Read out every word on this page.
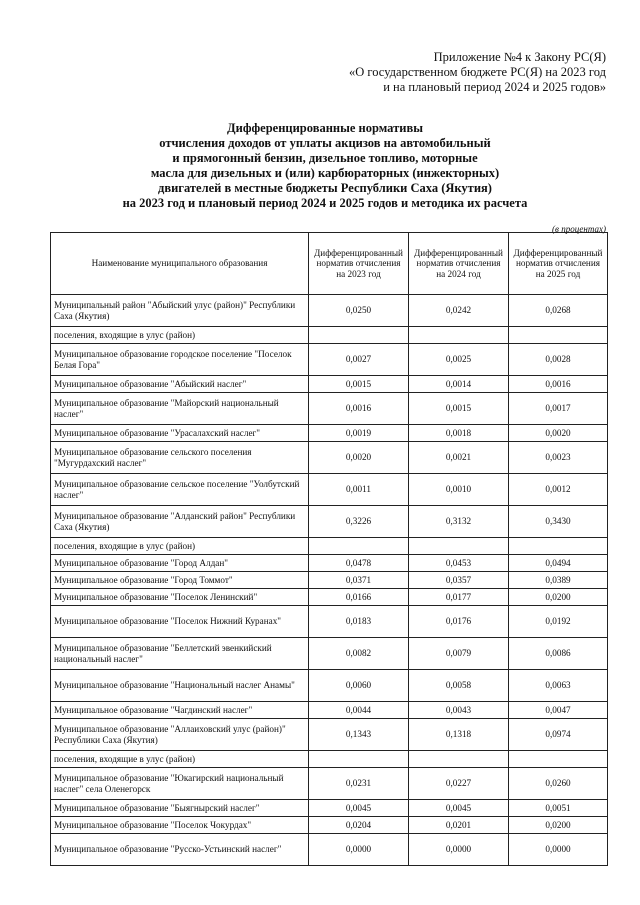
Приложение №4 к Закону РС(Я)
«О государственном бюджете РС(Я) на 2023 год
и на плановый период 2024 и 2025 годов»
Дифференцированные нормативы
отчисления доходов от уплаты акцизов на автомобильный
и прямогонный бензин, дизельное топливо, моторные
масла для дизельных и (или) карбюраторных (инжекторных)
двигателей в местные бюджеты Республики Саха (Якутия)
на 2023 год и плановый период 2024 и 2025 годов и методика их расчета
(в процентах)
Наименование муниципального образования	Дифференцированный норматив отчисления на 2023 год	Дифференцированный норматив отчисления на 2024 год	Дифференцированный норматив отчисления на 2025 год
Муниципальный район "Абыйский улус (район)" Республики Саха (Якутия)	0,0250	0,0242	0,0268
поселения, входящие в улус (район)			
Муниципальное образование городское поселение "Поселок Белая Гора"	0,0027	0,0025	0,0028
Муниципальное образование "Абыйский наслег"	0,0015	0,0014	0,0016
Муниципальное образование "Майорский национальный наслег"	0,0016	0,0015	0,0017
Муниципальное образование "Урасалахский наслег"	0,0019	0,0018	0,0020
Муниципальное образование сельского поселения "Мугурдахский наслег"	0,0020	0,0021	0,0023
Муниципальное образование сельское поселение "Уолбутский наслег"	0,0011	0,0010	0,0012
Муниципальное образование "Алданский район" Республики Саха (Якутия)	0,3226	0,3132	0,3430
поселения, входящие в улус (район)			
Муниципальное образование "Город Алдан"	0,0478	0,0453	0,0494
Муниципальное образование "Город Томмот"	0,0371	0,0357	0,0389
Муниципальное образование "Поселок Ленинский"	0,0166	0,0177	0,0200
Муниципальное образование "Поселок Нижний Куранах"	0,0183	0,0176	0,0192
Муниципальное образование "Беллетский эвенкийский национальный наслег"	0,0082	0,0079	0,0086
Муниципальное образование "Национальный наслег Анамы"	0,0060	0,0058	0,0063
Муниципальное образование "Чагдинский наслег"	0,0044	0,0043	0,0047
Муниципальное образование "Аллаиховский улус (район)" Республики Саха (Якутия)	0,1343	0,1318	0,0974
поселения, входящие в улус (район)			
Муниципальное образование "Юкагирский национальный наслег" села Оленегорск	0,0231	0,0227	0,0260
Муниципальное образование "Быягнырский наслег"	0,0045	0,0045	0,0051
Муниципальное образование "Поселок Чокурдах"	0,0204	0,0201	0,0200
Муниципальное образование "Русско-Устьинский наслег"	0,0000	0,0000	0,0000
